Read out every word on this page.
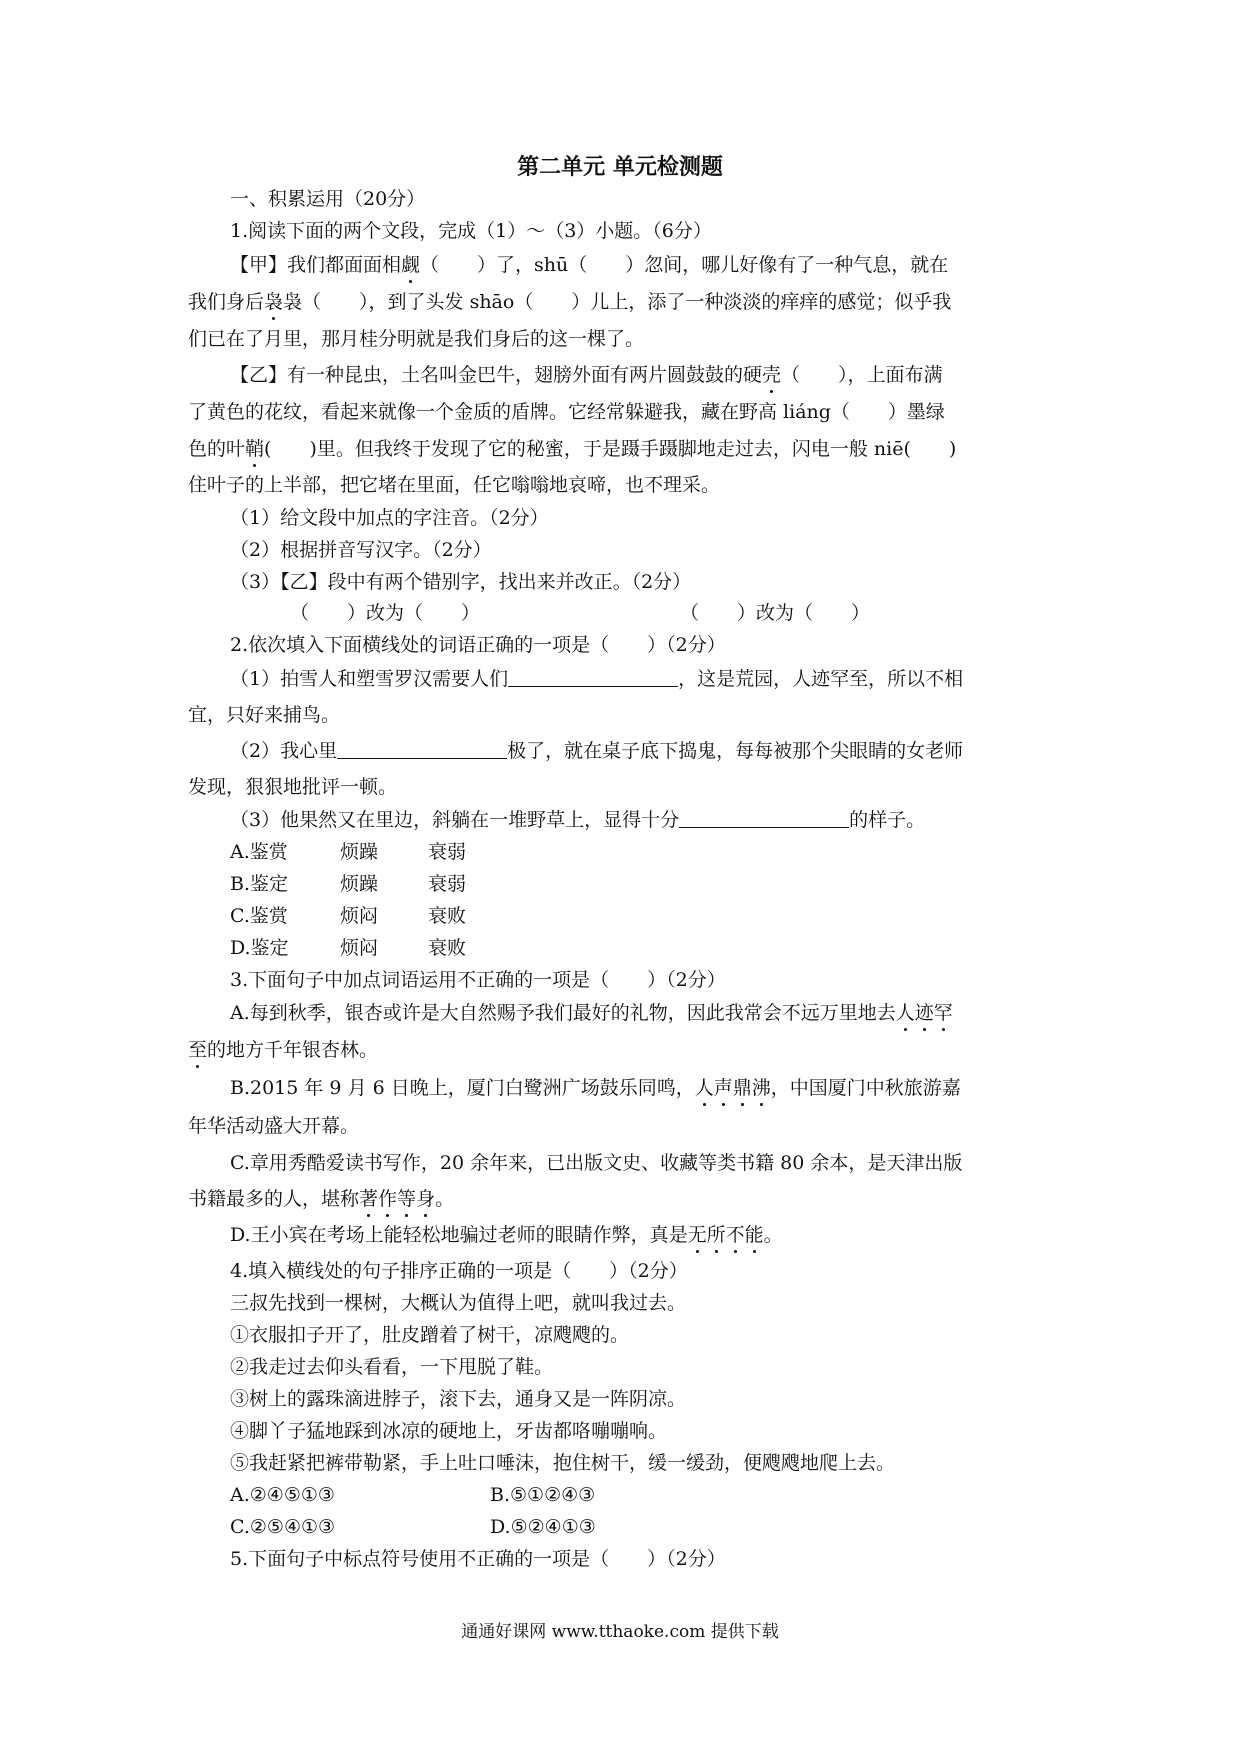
第二单元 单元检测题
一、积累运用（20分）
1.阅读下面的两个文段，完成（1）～（3）小题。（6分）
【甲】我们都面面相觑（　　）了，shū（　　）忽间，哪儿好像有了一种气息，就在
我们身后袅袅（　　），到了头发 shāo（　　）儿上，添了一种淡淡的痒痒的感觉；似乎我
们已在了月里，那月桂分明就是我们身后的这一棵了。
【乙】有一种昆虫，土名叫金巴牛，翅膀外面有两片圆鼓鼓的硬壳（　　），上面布满
了黄色的花纹，看起来就像一个金质的盾牌。它经常躲避我，藏在野高 liáng（　　）墨绿
色的叶鞘(　　)里。但我终于发现了它的秘蜜，于是蹑手蹑脚地走过去，闪电一般 niē(　　)
住叶子的上半部，把它堵在里面，任它嗡嗡地哀啼，也不理采。
（1）给文段中加点的字注音。（2分）
（2）根据拼音写汉字。（2分）
（3）【乙】段中有两个错别字，找出来并改正。（2分）
（　　）改为（　　）	（　　）改为（　　）
2.依次填入下面横线处的词语正确的一项是（　　）（2分）
（1）拍雪人和塑雪罗汉需要人们	，这是荒园，人迹罕至，所以不相
宜，只好来捕鸟。
（2）我心里	极了，就在桌子底下捣鬼，每每被那个尖眼睛的女老师
发现，狠狠地批评一顿。
（3）他果然又在里边，斜躺在一堆野草上，显得十分	的样子。
A.鉴赏	烦躁	衰弱
B.鉴定	烦躁	衰弱
C.鉴赏	烦闷	衰败
D.鉴定	烦闷	衰败
3.下面句子中加点词语运用不正确的一项是（　　）（2分）
A.每到秋季，银杏或许是大自然赐予我们最好的礼物，因此我常会不远万里地去人迹罕
至的地方千年银杏林。
B.2015 年 9 月 6 日晚上，厦门白鹭洲广场鼓乐同鸣，人声鼎沸，中国厦门中秋旅游嘉
年华活动盛大开幕。
C.章用秀酷爱读书写作，20 余年来，已出版文史、收藏等类书籍 80 余本，是天津出版
书籍最多的人，堪称著作等身。
D.王小宾在考场上能轻松地骗过老师的眼睛作弊，真是无所不能。
4.填入横线处的句子排序正确的一项是（　　）（2分）
三叔先找到一棵树，大概认为值得上吧，就叫我过去。
①衣服扣子开了，肚皮蹭着了树干，凉飕飕的。
②我走过去仰头看看，一下甩脱了鞋。
③树上的露珠滴进脖子，滚下去，通身又是一阵阴凉。
④脚丫子猛地踩到冰凉的硬地上，牙齿都咯嘣嘣响。
⑤我赶紧把裤带勒紧，手上吐口唾沫，抱住树干，缓一缓劲，便飕飕地爬上去。
A.②④⑤①③	B.⑤①②④③
C.②⑤④①③	D.⑤②④①③
5.下面句子中标点符号使用不正确的一项是（　　）（2分）
通通好课网 www.tthaoke.com 提供下载
